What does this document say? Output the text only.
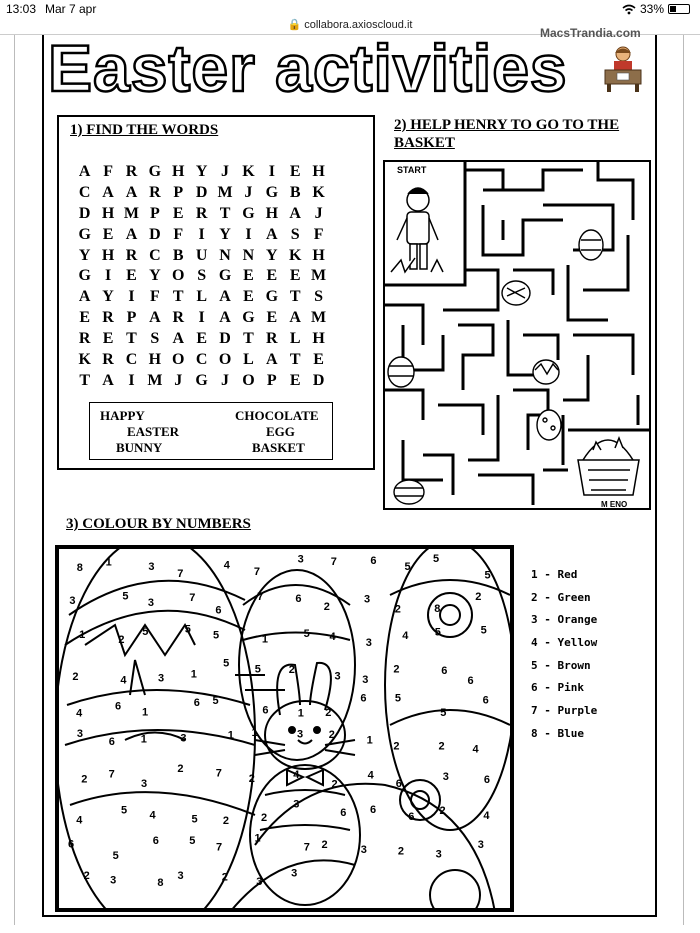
13:03 Mar 7 apr	33%
🔒 collabora.axioscloud.it
Easter activities
MacsTrandia.com
1) FIND THE WORDS
A F R G H Y J K I E H
C A A R P D M J G B K
D H M P E R T G H A J
G E A D F I Y I A S F
Y H R C B U N N Y K H
G I E Y O S G E E E M
A Y I F T L A E G T S
E R P A R I A G E A M
R E T S A E D T R L H
K R C H O C O L A T E
T A I M J G J O P E D
HAPPY
EASTER
BUNNY
CHOCOLATE
EGG
BASKET
2) HELP HENRY TO GO TO THE
BASKET
START
M ENO
3) COLOUR BY NUMBERS
8 1	3
7
4
7
3 7	6	5
5
5
3	5
3	7
6
7	6
2
3
2	8
2
1	2
5	5 5	1	5 4
3
4 5	5
2	4	3 1
5 5	2
3 3
2	6
6
4
6 1
6 5
6	1 2
6	5
5
6
3
6 1	3	1 1	3 2	1
2	2	4
2 7
3
2	7 2	4
2
4
6
3	6
4
5 4	5 2	2
3
6 6
6
2	4
6
5
6	5
7
1
7 2	3	2	3
3
2 3	8
3	2	3
3
1 - Red
2 - Green
3 - Orange
4 - Yellow
5 - Brown
6 - Pink
7 - Purple
8 - Blue
